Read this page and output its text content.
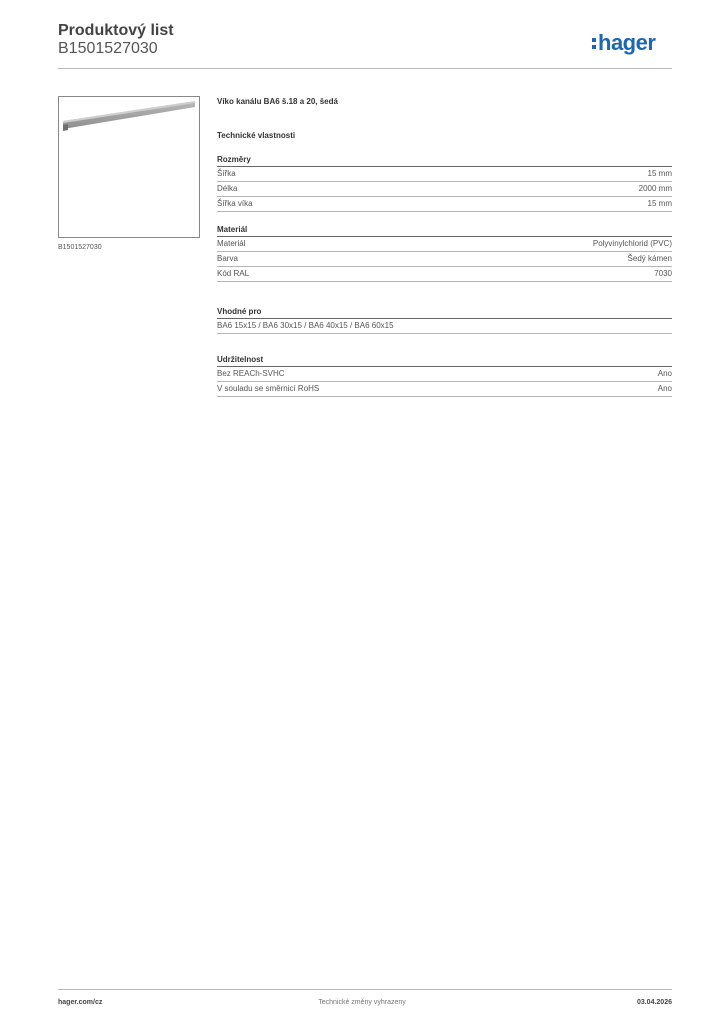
Produktový list
B1501527030	hager
B1501527030
Víko kanálu BA6 š.18 a 20, šedá
Technické vlastnosti
Rozměry
Šířka	15 mm
Délka	2000 mm
Šířka víka	15 mm
Materiál
Materiál	Polyvinylchlorid (PVC)
Barva	Šedý kámen
Kód RAL	7030
Vhodné pro
BA6 15x15 / BA6 30x15 / BA6 40x15 / BA6 60x15
Udržitelnost
Bez REACh-SVHC	Ano
V souladu se směrnicí RoHS	Ano
hager.com/cz	Technické změny vyhrazeny	03.04.2026
